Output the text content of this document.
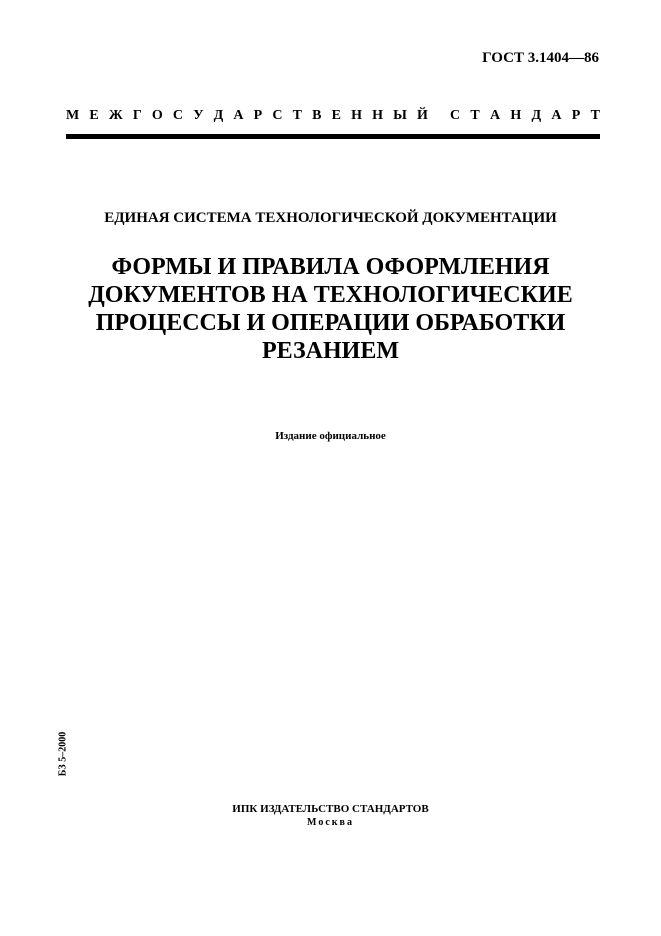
ГОСТ 3.1404—86
М Е Ж Г О С У Д А Р С Т В Е Н Н Ы Й С Т А Н Д А Р Т
ЕДИНАЯ СИСТЕМА ТЕХНОЛОГИЧЕСКОЙ ДОКУМЕНТАЦИИ
ФОРМЫ И ПРАВИЛА ОФОРМЛЕНИЯ
ДОКУМЕНТОВ НА ТЕХНОЛОГИЧЕСКИЕ
ПРОЦЕССЫ И ОПЕРАЦИИ ОБРАБОТКИ
РЕЗАНИЕМ
Издание официальное
БЗ 5–2000
ИПК ИЗДАТЕЛЬСТВО СТАНДАРТОВ
Москва
